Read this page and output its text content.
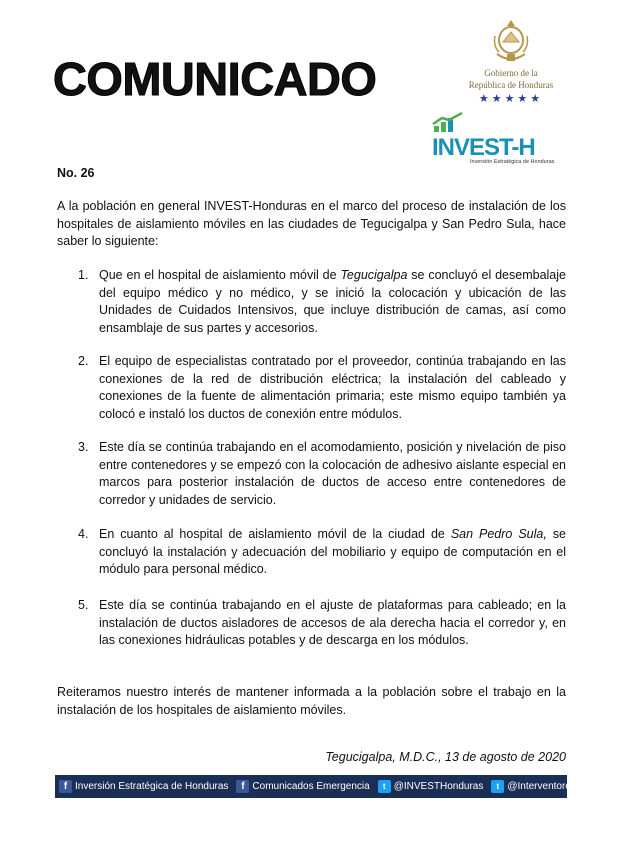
COMUNICADO	Gobierno de la
República de Honduras
★★★★★
INVEST-H
Inversión Estratégica de Honduras
No. 26
A la población en general INVEST-Honduras en el marco del proceso de instalación de los hospitales de aislamiento móviles en las ciudades de Tegucigalpa y San Pedro Sula, hace saber lo siguiente:
1. Que en el hospital de aislamiento móvil de Tegucigalpa se concluyó el desembalaje del equipo médico y no médico, y se inició la colocación y ubicación de las Unidades de Cuidados Intensivos, que incluye distribución de camas, así como ensamblaje de sus partes y accesorios.
2. El equipo de especialistas contratado por el proveedor, continúa trabajando en las conexiones de la red de distribución eléctrica; la instalación del cableado y conexiones de la fuente de alimentación primaria; este mismo equipo también ya colocó e instaló los ductos de conexión entre módulos.
3. Este día se continúa trabajando en el acomodamiento, posición y nivelación de piso entre contenedores y se empezó con la colocación de adhesivo aislante especial en marcos para posterior instalación de ductos de acceso entre contenedores de corredor y unidades de servicio.
4. En cuanto al hospital de aislamiento móvil de la ciudad de San Pedro Sula, se concluyó la instalación y adecuación del mobiliario y equipo de computación en el módulo para personal médico.
5. Este día se continúa trabajando en el ajuste de plataformas para cableado; en la instalación de ductos aisladores de accesos de ala derecha hacia el corredor y, en las conexiones hidráulicas potables y de descarga en los módulos.
Reiteramos nuestro interés de mantener informada a la población sobre el trabajo en la instalación de los hospitales de aislamiento móviles.
Tegucigalpa, M.D.C., 13 de agosto de 2020
f Inversión Estratégica de Honduras	f Comunicados Emergencia	t @INVESTHonduras	t @InterventoresIH
